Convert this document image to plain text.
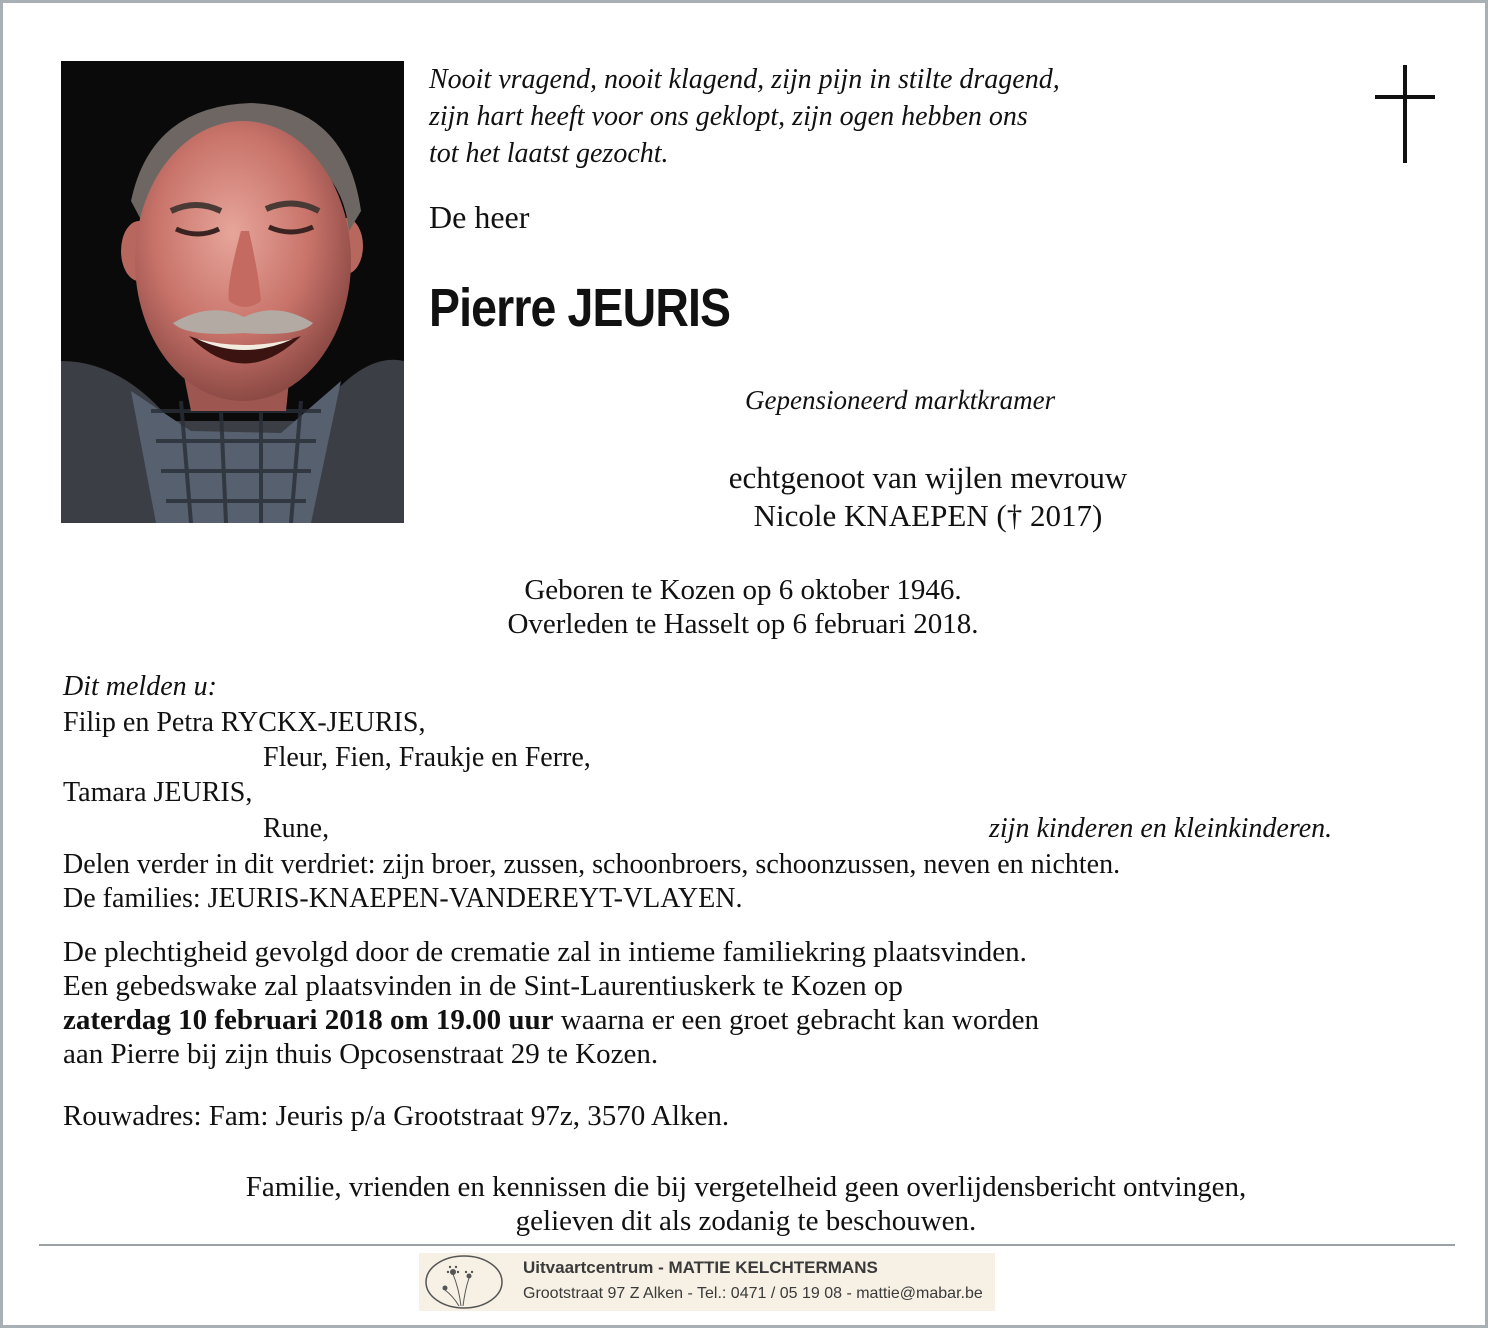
Nooit vragend, nooit klagend, zijn pijn in stilte dragend,
zijn hart heeft voor ons geklopt, zijn ogen hebben ons
tot het laatst gezocht.
De heer
Pierre JEURIS
Gepensioneerd marktkramer
echtgenoot van wijlen mevrouw
Nicole KNAEPEN († 2017)
Geboren te Kozen op 6 oktober 1946.
Overleden te Hasselt op 6 februari 2018.
Dit melden u:
Filip en Petra RYCKX-JEURIS,
Fleur, Fien, Fraukje en Ferre,
Tamara JEURIS,
Rune,	zijn kinderen en kleinkinderen.
Delen verder in dit verdriet: zijn broer, zussen, schoonbroers, schoonzussen, neven en nichten.
De families: JEURIS-KNAEPEN-VANDEREYT-VLAYEN.
De plechtigheid gevolgd door de crematie zal in intieme familiekring plaatsvinden.
Een gebedswake zal plaatsvinden in de Sint-Laurentiuskerk te Kozen op
zaterdag 10 februari 2018 om 19.00 uur waarna er een groet gebracht kan worden
aan Pierre bij zijn thuis Opcosenstraat 29 te Kozen.
Rouwadres: Fam: Jeuris p/a Grootstraat 97z, 3570 Alken.
Familie, vrienden en kennissen die bij vergetelheid geen overlijdensbericht ontvingen,
gelieven dit als zodanig te beschouwen.
Uitvaartcentrum - MATTIE KELCHTERMANS
Grootstraat 97 Z Alken - Tel.: 0471 / 05 19 08 - mattie@mabar.be
